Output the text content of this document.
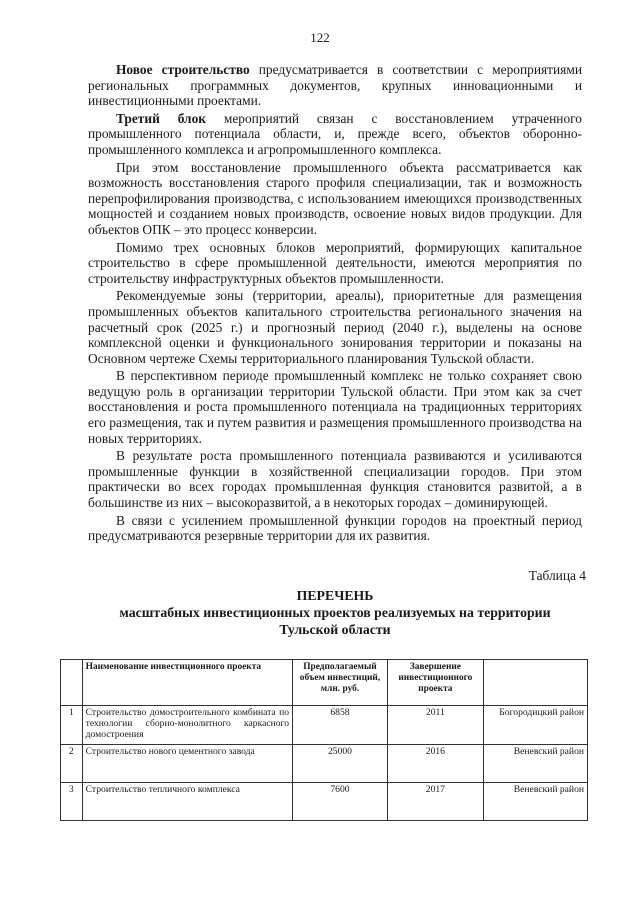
122

Новое строительство предусматривается в соответствии с мероприятиями региональных программных документов, крупных инновационными и инвестиционными проектами.

Третий блок мероприятий связан с восстановлением утраченного промышленного потенциала области, и, прежде всего, объектов оборонно-промышленного комплекса и агропромышленного комплекса.

При этом восстановление промышленного объекта рассматривается как возможность восстановления старого профиля специализации, так и возможность перепрофилирования производства, с использованием имеющихся производственных мощностей и созданием новых производств, освоение новых видов продукции. Для объектов ОПК – это процесс конверсии.

Помимо трех основных блоков мероприятий, формирующих капитальное строительство в сфере промышленной деятельности, имеются мероприятия по строительству инфраструктурных объектов промышленности.

Рекомендуемые зоны (территории, ареалы), приоритетные для размещения промышленных объектов капитального строительства регионального значения на расчетный срок (2025 г.) и прогнозный период (2040 г.), выделены на основе комплексной оценки и функционального зонирования территории и показаны на Основном чертеже Схемы территориального планирования Тульской области.

В перспективном периоде промышленный комплекс не только сохраняет свою ведущую роль в организации территории Тульской области. При этом как за счет восстановления и роста промышленного потенциала на традиционных территориях его размещения, так и путем развития и размещения промышленного производства на новых территориях.

В результате роста промышленного потенциала развиваются и усиливаются промышленные функции в хозяйственной специализации городов. При этом практически во всех городах промышленная функция становится развитой, а в большинстве из них – высокоразвитой, а в некоторых городах – доминирующей.

В связи с усилением промышленной функции городов на проектный период предусматриваются резервные территории для их развития.

Таблица 4
ПЕРЕЧЕНЬ
масштабных инвестиционных проектов реализуемых на территории
Тульской области
	Наименование инвестиционного проекта	Предполагаемый объем инвестиций, млн. руб.	Завершение инвестиционного проекта	
1	Строительство домостроительного комбината по технологии сборно-монолитного каркасного домостроения	6858	2011	Богородицкий район
2	Строительство нового цементного завода	25000	2016	Веневский район
3	Строительство тепличного комплекса	7600	2017	Веневский район
